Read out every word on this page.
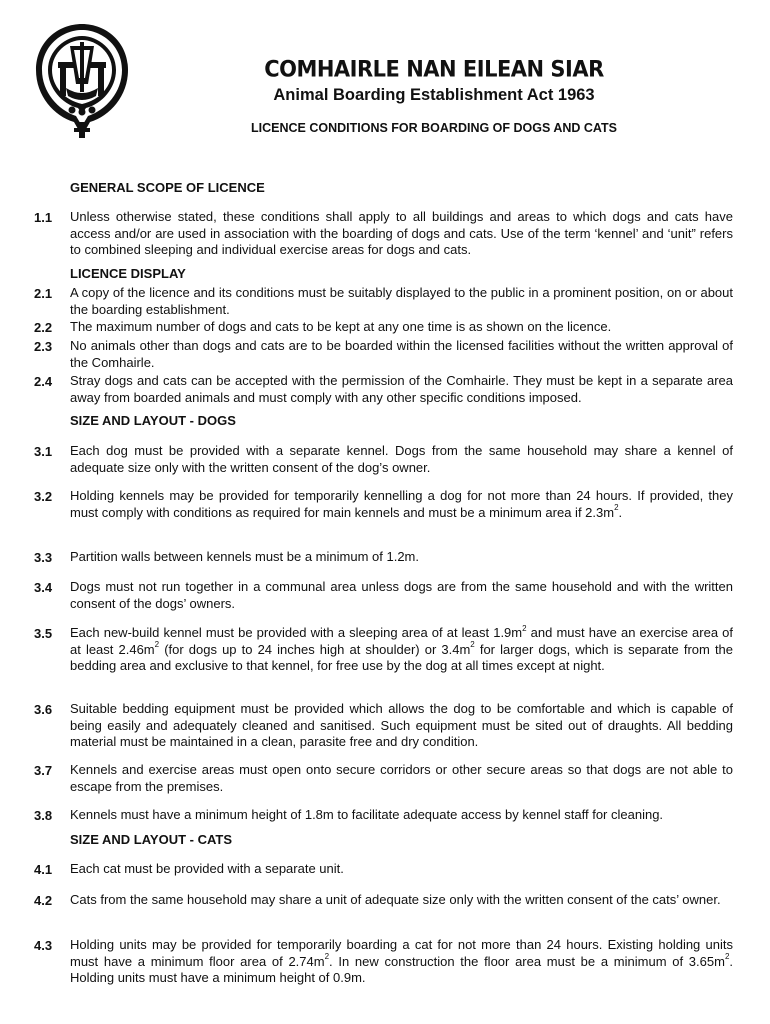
COMHAIRLE NAN EILEAN SIAR
Animal Boarding Establishment Act 1963
LICENCE CONDITIONS FOR BOARDING OF DOGS AND CATS
GENERAL SCOPE OF LICENCE
1.1 Unless otherwise stated, these conditions shall apply to all buildings and areas to which dogs and cats have access and/or are used in association with the boarding of dogs and cats. Use of the term ‘kennel’ and ‘unit” refers to combined sleeping and individual exercise areas for dogs and cats.
LICENCE DISPLAY
2.1 A copy of the licence and its conditions must be suitably displayed to the public in a prominent position, on or about the boarding establishment.
2.2 The maximum number of dogs and cats to be kept at any one time is as shown on the licence.
2.3 No animals other than dogs and cats are to be boarded within the licensed facilities without the written approval of the Comhairle.
2.4 Stray dogs and cats can be accepted with the permission of the Comhairle. They must be kept in a separate area away from boarded animals and must comply with any other specific conditions imposed.
SIZE AND LAYOUT - DOGS
3.1 Each dog must be provided with a separate kennel. Dogs from the same household may share a kennel of adequate size only with the written consent of the dog’s owner.
3.2 Holding kennels may be provided for temporarily kennelling a dog for not more than 24 hours. If provided, they must comply with conditions as required for main kennels and must be a minimum area if $2.3m^2$.
3.3 Partition walls between kennels must be a minimum of 1.2m.
3.4 Dogs must not run together in a communal area unless dogs are from the same household and with the written consent of the dogs’ owners.
3.5 Each new-build kennel must be provided with a sleeping area of at least $1.9m^2$ and must have an exercise area of at least $2.46m^2$ (for dogs up to 24 inches high at shoulder) or $3.4m^2$ for larger dogs, which is separate from the bedding area and exclusive to that kennel, for free use by the dog at all times except at night.
3.6 Suitable bedding equipment must be provided which allows the dog to be comfortable and which is capable of being easily and adequately cleaned and sanitised. Such equipment must be sited out of draughts. All bedding material must be maintained in a clean, parasite free and dry condition.
3.7 Kennels and exercise areas must open onto secure corridors or other secure areas so that dogs are not able to escape from the premises.
3.8 Kennels must have a minimum height of 1.8m to facilitate adequate access by kennel staff for cleaning.
SIZE AND LAYOUT - CATS
4.1 Each cat must be provided with a separate unit.
4.2 Cats from the same household may share a unit of adequate size only with the written consent of the cats’ owner.
4.3 Holding units may be provided for temporarily boarding a cat for not more than 24 hours. Existing holding units must have a minimum floor area of $2.74m^2$. In new construction the floor area must be a minimum of $3.65m^2$. Holding units must have a minimum height of 0.9m.
